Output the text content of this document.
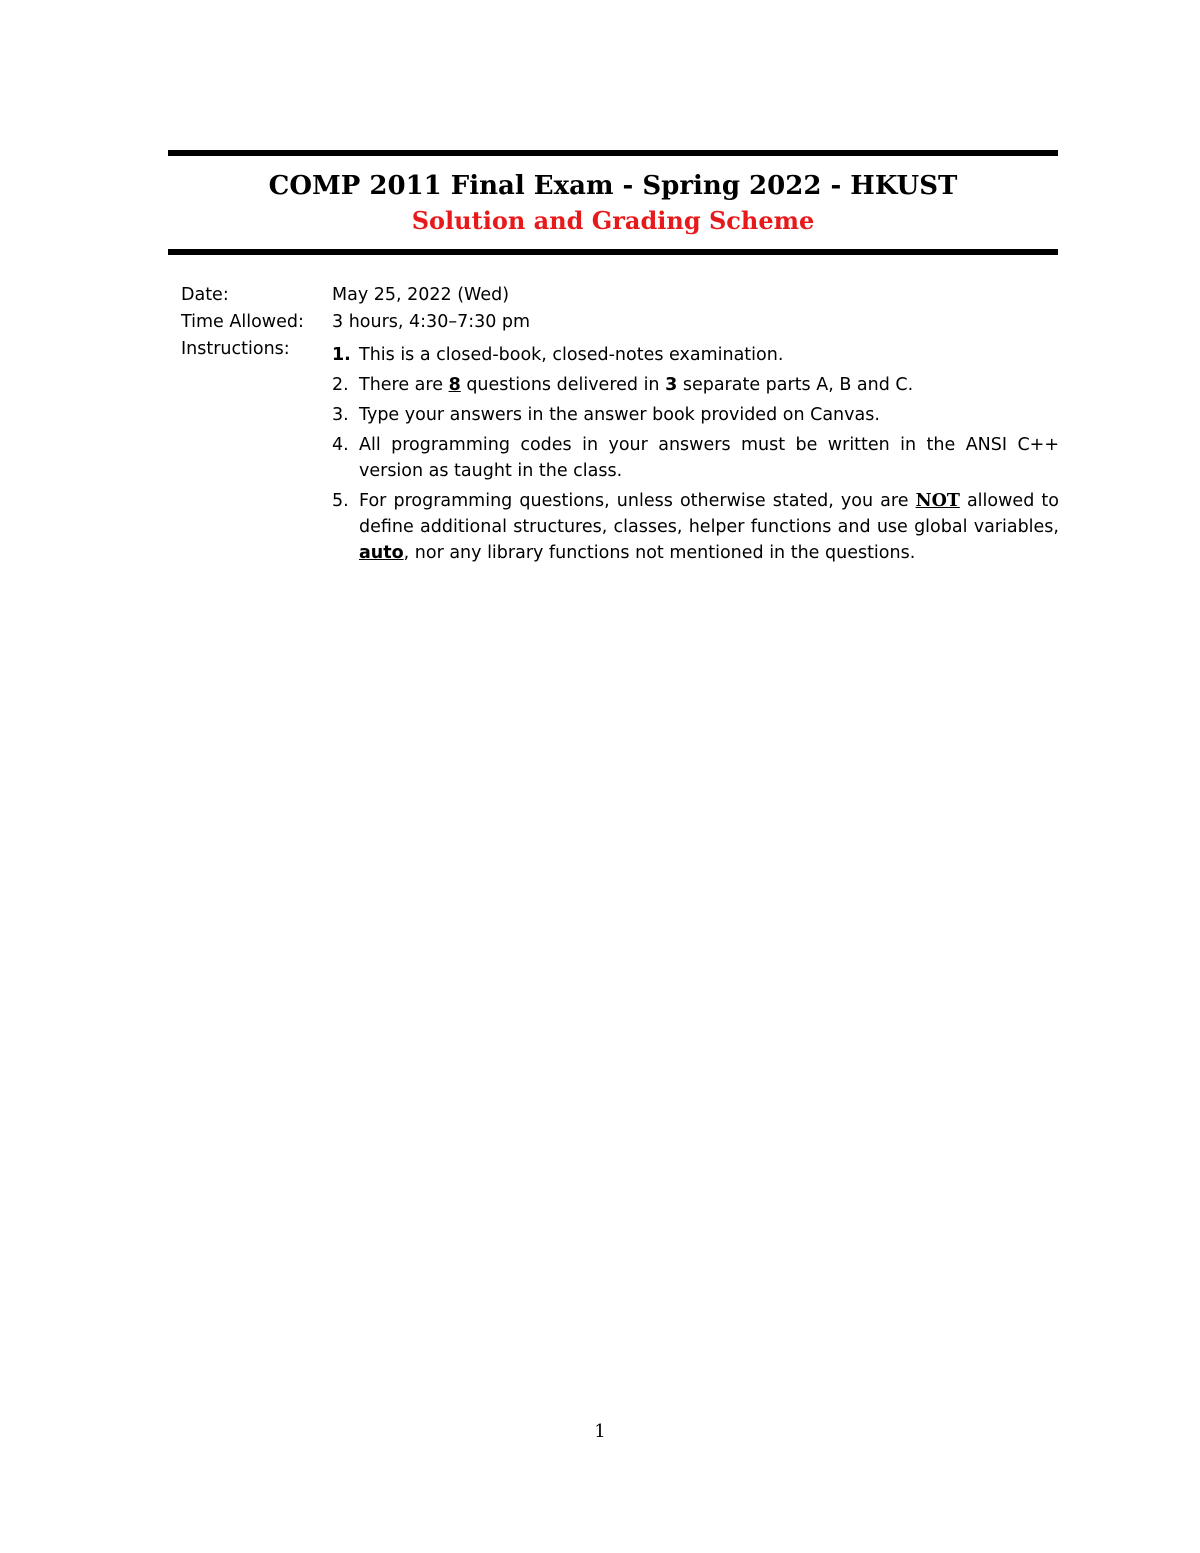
COMP 2011 Final Exam - Spring 2022 - HKUST
Solution and Grading Scheme
Date:	May 25, 2022 (Wed)
Time Allowed:	3 hours, 4:30–7:30 pm
Instructions:	1. This is a closed-book, closed-notes examination.
2. There are 8 questions delivered in 3 separate parts A, B and C.
3. Type your answers in the answer book provided on Canvas.
4. All programming codes in your answers must be written in the ANSI C++ version as taught in the class.
5. For programming questions, unless otherwise stated, you are NOT allowed to define additional structures, classes, helper functions and use global variables, auto, nor any library functions not mentioned in the questions.
1
